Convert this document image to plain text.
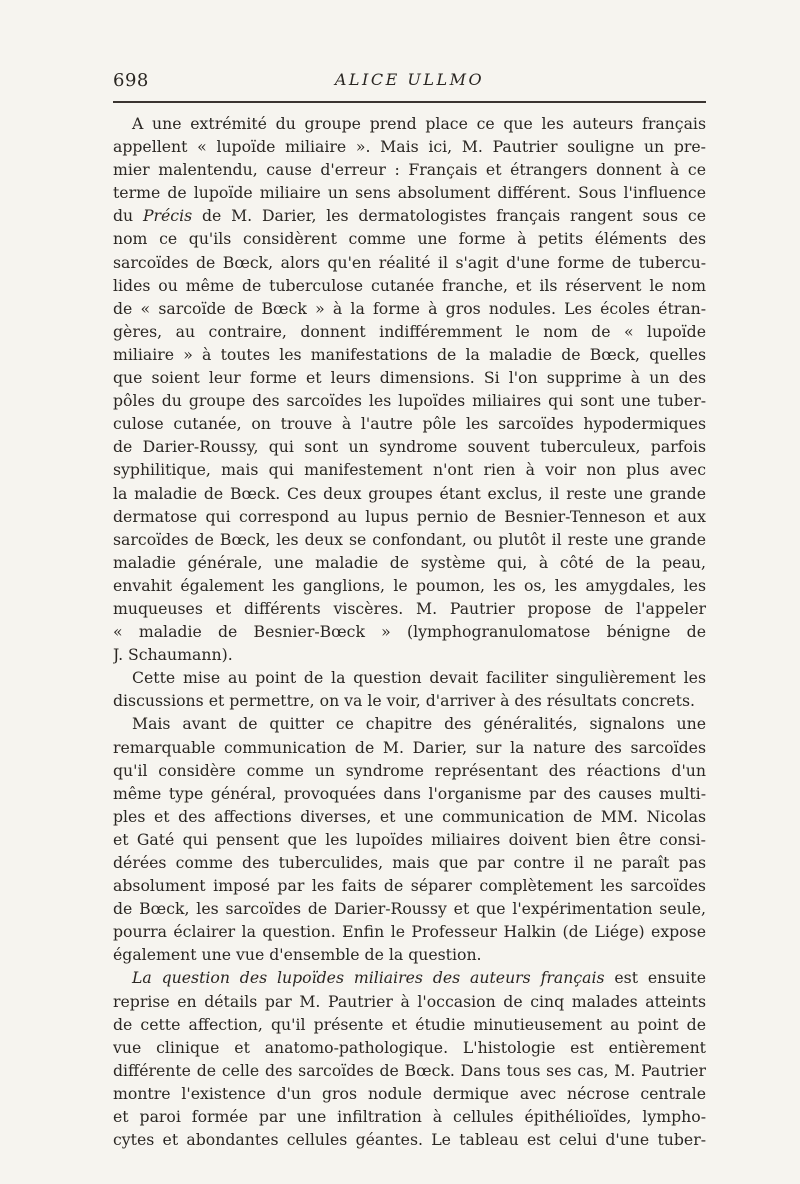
698	ALICE ULLMO
A une extrémité du groupe prend place ce que les auteurs français
appellent « lupoïde miliaire ». Mais ici, M. Pautrier souligne un pre-
mier malentendu, cause d'erreur : Français et étrangers donnent à ce
terme de lupoïde miliaire un sens absolument différent. Sous l'influence
du Précis de M. Darier, les dermatologistes français rangent sous ce
nom ce qu'ils considèrent comme une forme à petits éléments des
sarcoïdes de Bœck, alors qu'en réalité il s'agit d'une forme de tubercu-
lides ou même de tuberculose cutanée franche, et ils réservent le nom
de « sarcoïde de Bœck » à la forme à gros nodules. Les écoles étran-
gères, au contraire, donnent indifféremment le nom de « lupoïde
miliaire » à toutes les manifestations de la maladie de Bœck, quelles
que soient leur forme et leurs dimensions. Si l'on supprime à un des
pôles du groupe des sarcoïdes les lupoïdes miliaires qui sont une tuber-
culose cutanée, on trouve à l'autre pôle les sarcoïdes hypodermiques
de Darier-Roussy, qui sont un syndrome souvent tuberculeux, parfois
syphilitique, mais qui manifestement n'ont rien à voir non plus avec
la maladie de Bœck. Ces deux groupes étant exclus, il reste une grande
dermatose qui correspond au lupus pernio de Besnier-Tenneson et aux
sarcoïdes de Bœck, les deux se confondant, ou plutôt il reste une grande
maladie générale, une maladie de système qui, à côté de la peau,
envahit également les ganglions, le poumon, les os, les amygdales, les
muqueuses et différents viscères. M. Pautrier propose de l'appeler
« maladie de Besnier-Bœck » (lymphogranulomatose bénigne de
J. Schaumann).
Cette mise au point de la question devait faciliter singulièrement les
discussions et permettre, on va le voir, d'arriver à des résultats concrets.
Mais avant de quitter ce chapitre des généralités, signalons une
remarquable communication de M. Darier, sur la nature des sarcoïdes
qu'il considère comme un syndrome représentant des réactions d'un
même type général, provoquées dans l'organisme par des causes multi-
ples et des affections diverses, et une communication de MM. Nicolas
et Gaté qui pensent que les lupoïdes miliaires doivent bien être consi-
dérées comme des tuberculides, mais que par contre il ne paraît pas
absolument imposé par les faits de séparer complètement les sarcoïdes
de Bœck, les sarcoïdes de Darier-Roussy et que l'expérimentation seule,
pourra éclairer la question. Enfin le Professeur Halkin (de Liége) expose
également une vue d'ensemble de la question.
La question des lupoïdes miliaires des auteurs français est ensuite
reprise en détails par M. Pautrier à l'occasion de cinq malades atteints
de cette affection, qu'il présente et étudie minutieusement au point de
vue clinique et anatomo-pathologique. L'histologie est entièrement
différente de celle des sarcoïdes de Bœck. Dans tous ses cas, M. Pautrier
montre l'existence d'un gros nodule dermique avec nécrose centrale
et paroi formée par une infiltration à cellules épithélioïdes, lympho-
cytes et abondantes cellules géantes. Le tableau est celui d'une tuber-
